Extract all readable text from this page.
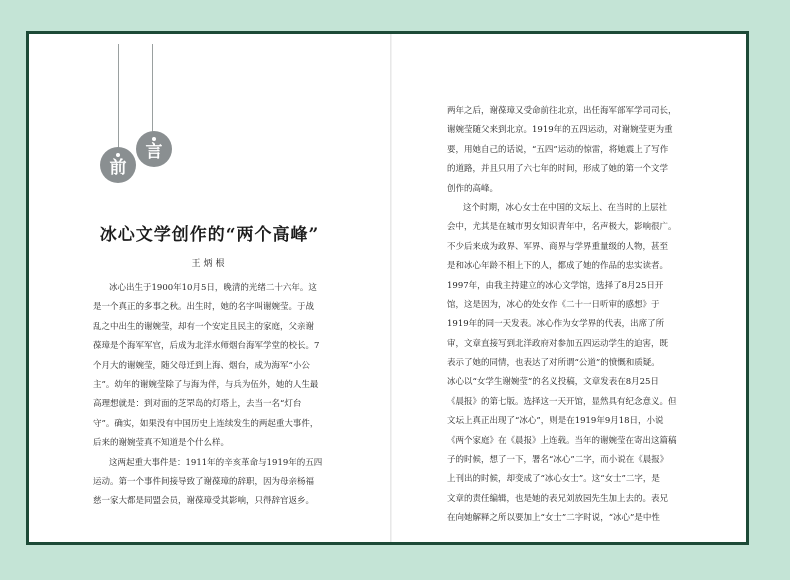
前
言
冰心文学创作的“两个高峰”
王炳根
冰心出生于1900年10月5日，晚清的光绪二十六年。这
是一个真正的多事之秋。出生时，她的名字叫谢婉莹。于战
乱之中出生的谢婉莹，却有一个安定且民主的家庭，父亲谢
葆璋是个海军军官，后成为北洋水师烟台海军学堂的校长。7
个月大的谢婉莹，随父母迁到上海、烟台，成为海军“小公
主”。幼年的谢婉莹除了与海为伴，与兵为伍外，她的人生最
高理想就是：到对面的芝罘岛的灯塔上，去当一名“灯台
守”。确实，如果没有中国历史上连续发生的两起重大事件，
后来的谢婉莹真不知道是个什么样。
这两起重大事件是：1911年的辛亥革命与1919年的五四
运动。第一个事件间接导致了谢葆璋的辞职，因为母亲杨福
慈一家大都是同盟会员，谢葆璋受其影响，只得辞官返乡。
两年之后，谢葆璋又受命前往北京，出任海军部军学司司长，
谢婉莹随父来到北京。1919年的五四运动，对谢婉莹更为重
要，用她自己的话说，“五四”运动的惊雷，将她震上了写作
的道路，并且只用了六七年的时间，形成了她的第一个文学
创作的高峰。
这个时期，冰心女士在中国的文坛上、在当时的上层社
会中，尤其是在城市男女知识青年中，名声极大，影响很广。
不少后来成为政界、军界、商界与学界重量级的人物，甚至
是和冰心年龄不相上下的人，都成了她的作品的忠实读者。
1997年，由我主持建立的冰心文学馆，选择了8月25日开
馆，这是因为，冰心的处女作《二十一日听审的感想》于
1919年的同一天发表。冰心作为女学界的代表，出席了所
审，文章直接写到北洋政府对参加五四运动学生的迫害，既
表示了她的同情，也表达了对所谓“公道”的愤慨和质疑。
冰心以“女学生谢婉莹”的名义投稿，文章发表在8月25日
《晨报》的第七版。选择这一天开馆，显然具有纪念意义。但
文坛上真正出现了“冰心”，则是在1919年9月18日，小说
《两个家庭》在《晨报》上连载。当年的谢婉莹在寄出这篇稿
子的时候，想了一下，署名“冰心”二字，而小说在《晨报》
上刊出的时候，却变成了“冰心女士”。这“女士”二字，是
文章的责任编辑，也是她的表兄刘放园先生加上去的。表兄
在向她解释之所以要加上“女士”二字时说，“冰心”是中性
